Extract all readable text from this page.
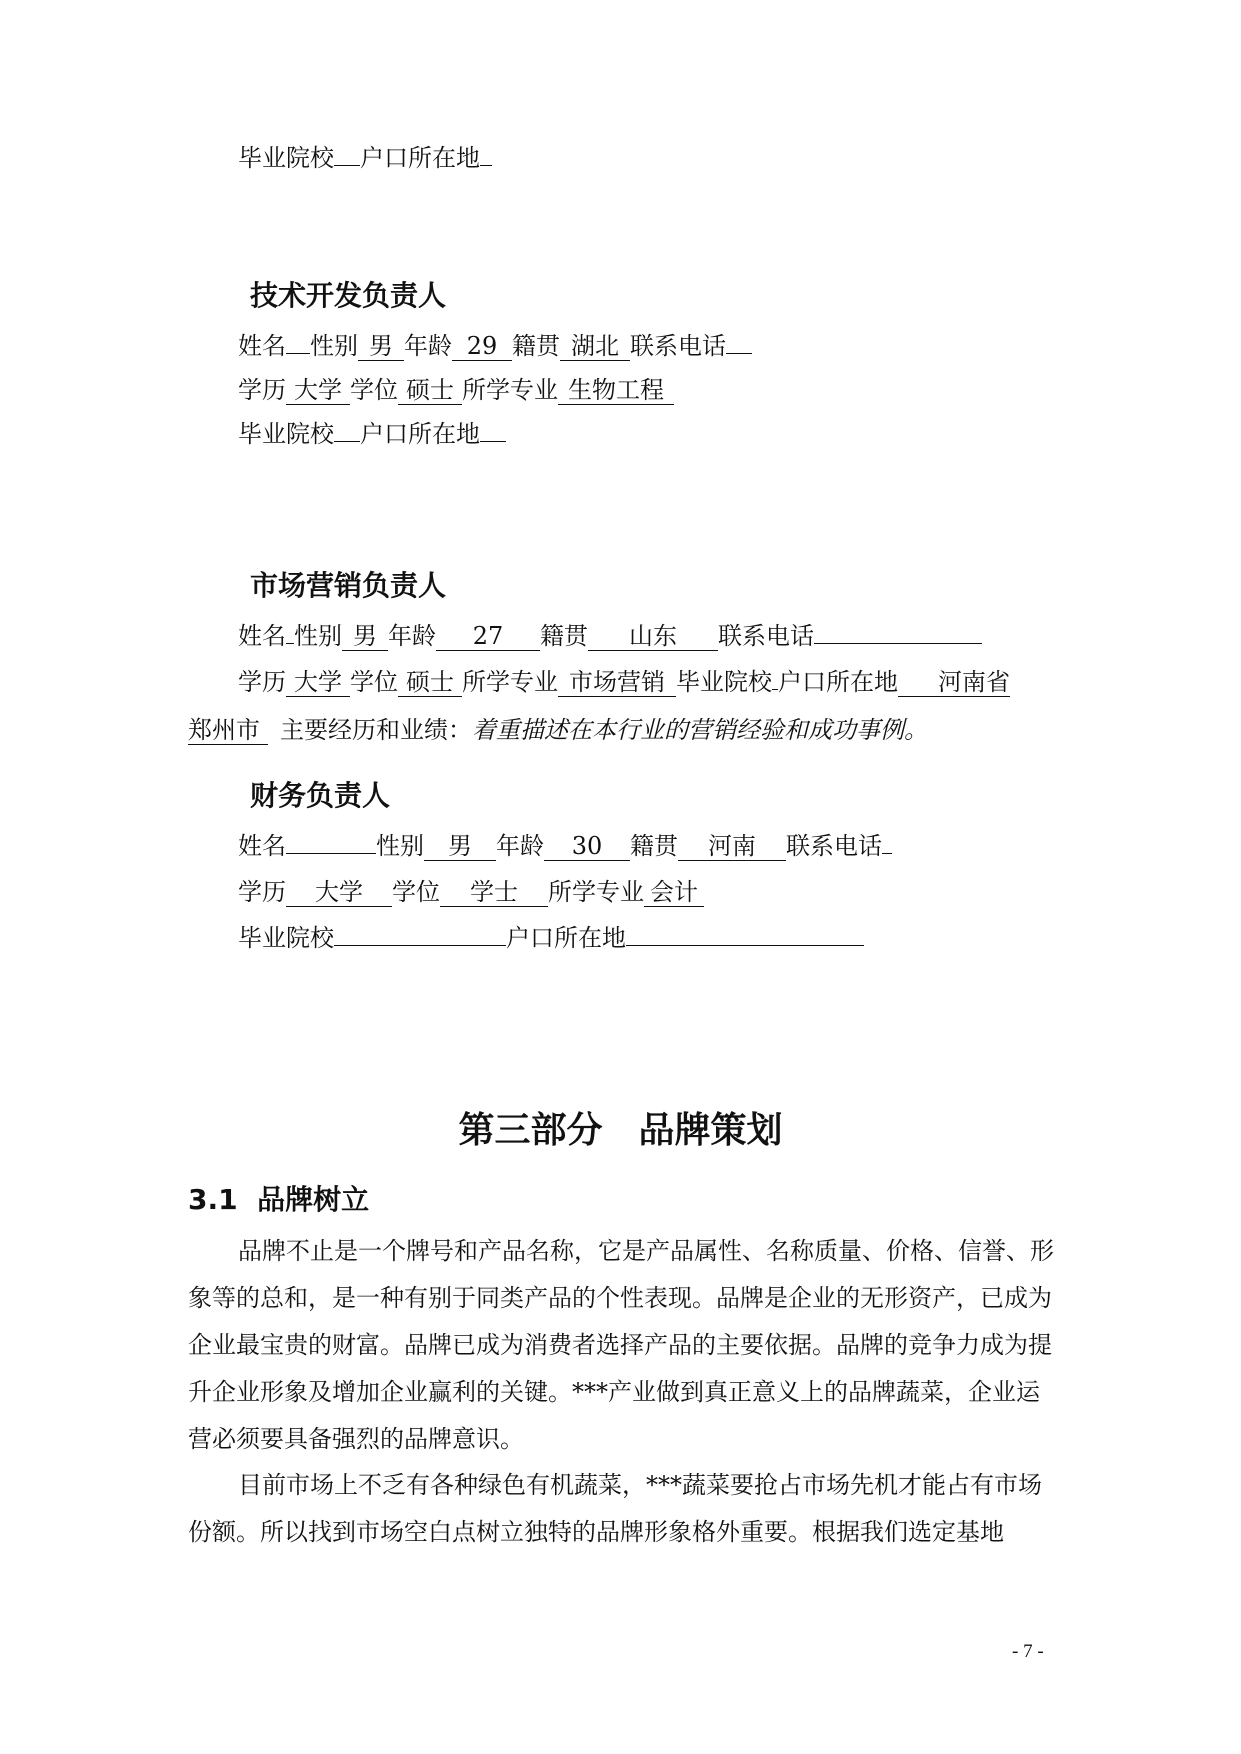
毕业院校 户口所在地

技术开发负责人

姓名 性别 男 年龄 29 籍贯 湖北 联系电话

学历 大学 学位 硕士 所学专业 生物工程

毕业院校 户口所在地

市场营销负责人

姓名 性别 男 年龄 27 籍贯 山东 联系电话

学历 大学 学位 硕士 所学专业 市场营销 毕业院校 户口所在地 河南省

郑州市 主要经历和业绩：着重描述在本行业的营销经验和成功事例。

财务负责人

姓名	性别 男 年龄 30 籍贯 河南 联系电话

学历 大学 学位 学士 所学专业 会计

毕业院校	户口所在地

第三部分　品牌策划
3.1  品牌树立

品牌不止是一个牌号和产品名称，它是产品属性、名称质量、价格、信誉、形象等的总和，是一种有别于同类产品的个性表现。品牌是企业的无形资产，已成为企业最宝贵的财富。品牌已成为消费者选择产品的主要依据。品牌的竞争力成为提升企业形象及增加企业赢利的关键。***产业做到真正意义上的品牌蔬菜，企业运营必须要具备强烈的品牌意识。

目前市场上不乏有各种绿色有机蔬菜，***蔬菜要抢占市场先机才能占有市场份额。所以找到市场空白点树立独特的品牌形象格外重要。根据我们选定基地

- 7 -
